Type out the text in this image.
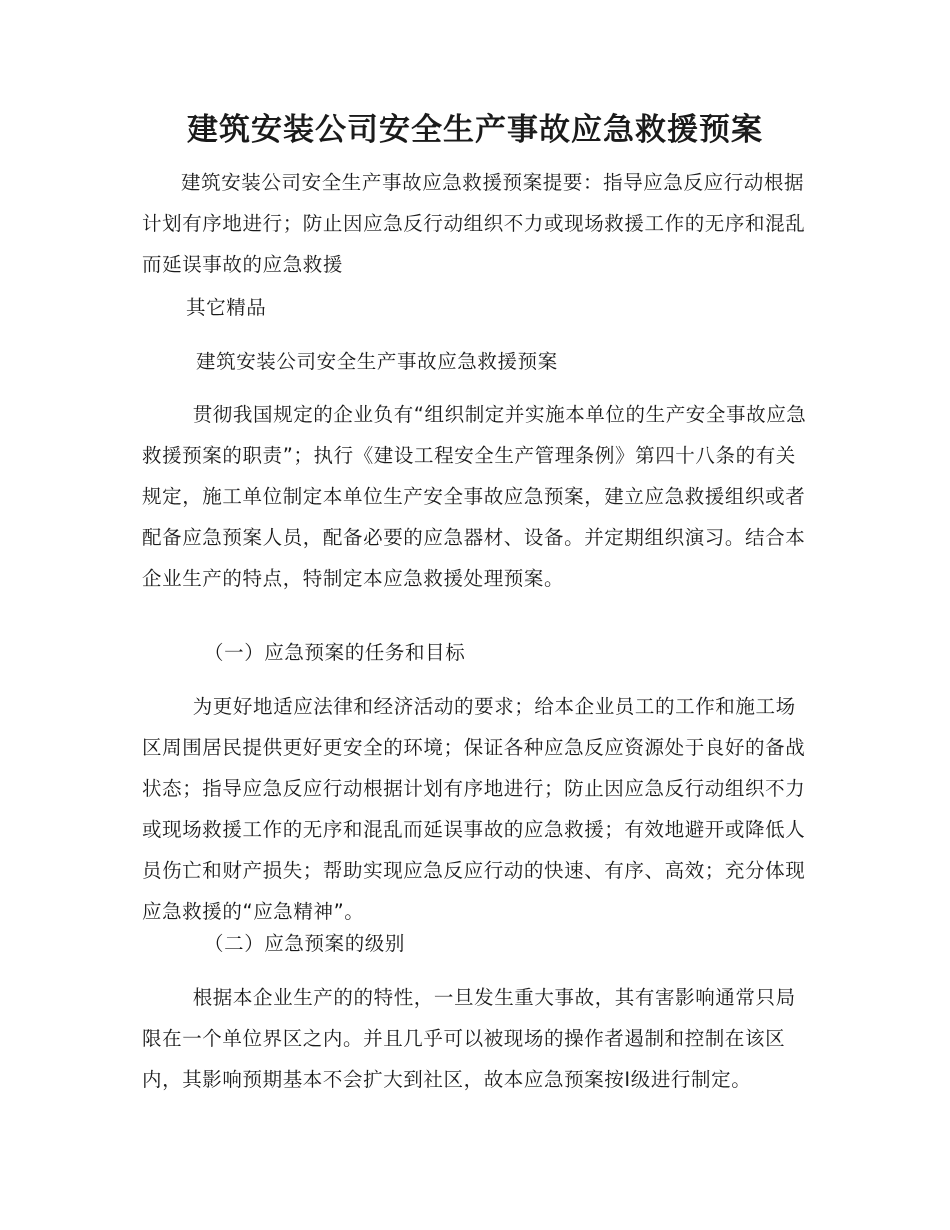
建筑安装公司安全生产事故应急救援预案

建筑安装公司安全生产事故应急救援预案提要：指导应急反应行动根据计划有序地进行；防止因应急反行动组织不力或现场救援工作的无序和混乱而延误事故的应急救援

其它精品

建筑安装公司安全生产事故应急救援预案

贯彻我国规定的企业负有“组织制定并实施本单位的生产安全事故应急救援预案的职责”；执行《建设工程安全生产管理条例》第四十八条的有关规定，施工单位制定本单位生产安全事故应急预案，建立应急救援组织或者配备应急预案人员，配备必要的应急器材、设备。并定期组织演习。结合本企业生产的特点，特制定本应急救援处理预案。

（一）应急预案的任务和目标

为更好地适应法律和经济活动的要求；给本企业员工的工作和施工场区周围居民提供更好更安全的环境；保证各种应急反应资源处于良好的备战状态；指导应急反应行动根据计划有序地进行；防止因应急反行动组织不力或现场救援工作的无序和混乱而延误事故的应急救援；有效地避开或降低人员伤亡和财产损失；帮助实现应急反应行动的快速、有序、高效；充分体现应急救援的“应急精神”。

（二）应急预案的级别

根据本企业生产的的特性，一旦发生重大事故，其有害影响通常只局限在一个单位界区之内。并且几乎可以被现场的操作者遏制和控制在该区内，其影响预期基本不会扩大到社区，故本应急预案按Ⅰ级进行制定。
